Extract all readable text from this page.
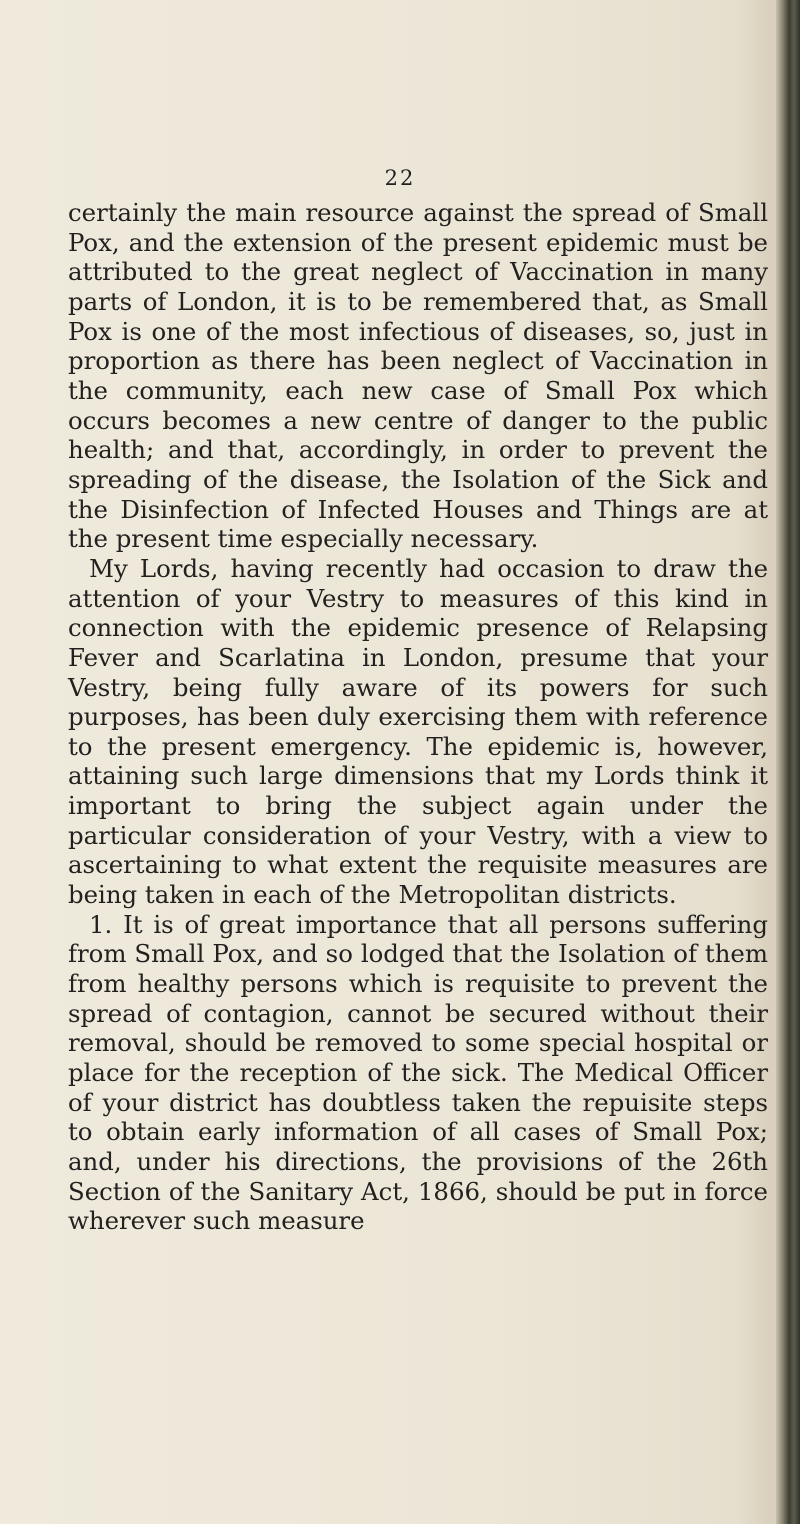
22

certainly the main resource against the spread of Small Pox, and the extension of the present epidemic must be attributed to the great neglect of Vaccination in many parts of London, it is to be remembered that, as Small Pox is one of the most infectious of diseases, so, just in proportion as there has been neglect of Vaccination in the community, each new case of Small Pox which occurs becomes a new centre of danger to the public health; and that, accordingly, in order to prevent the spreading of the disease, the Isolation of the Sick and the Disinfection of Infected Houses and Things are at the present time especially necessary.

My Lords, having recently had occasion to draw the attention of your Vestry to measures of this kind in connection with the epidemic presence of Relapsing Fever and Scarlatina in London, presume that your Vestry, being fully aware of its powers for such purposes, has been duly exercising them with reference to the present emergency. The epidemic is, however, attaining such large dimensions that my Lords think it important to bring the subject again under the particular consideration of your Vestry, with a view to ascertaining to what extent the requisite measures are being taken in each of the Metropolitan districts.

1. It is of great importance that all persons suffering from Small Pox, and so lodged that the Isolation of them from healthy persons which is requisite to prevent the spread of contagion, cannot be secured without their removal, should be removed to some special hospital or place for the reception of the sick. The Medical Officer of your district has doubtless taken the repuisite steps to obtain early information of all cases of Small Pox; and, under his directions, the provisions of the 26th Section of the Sanitary Act, 1866, should be put in force wherever such measure
